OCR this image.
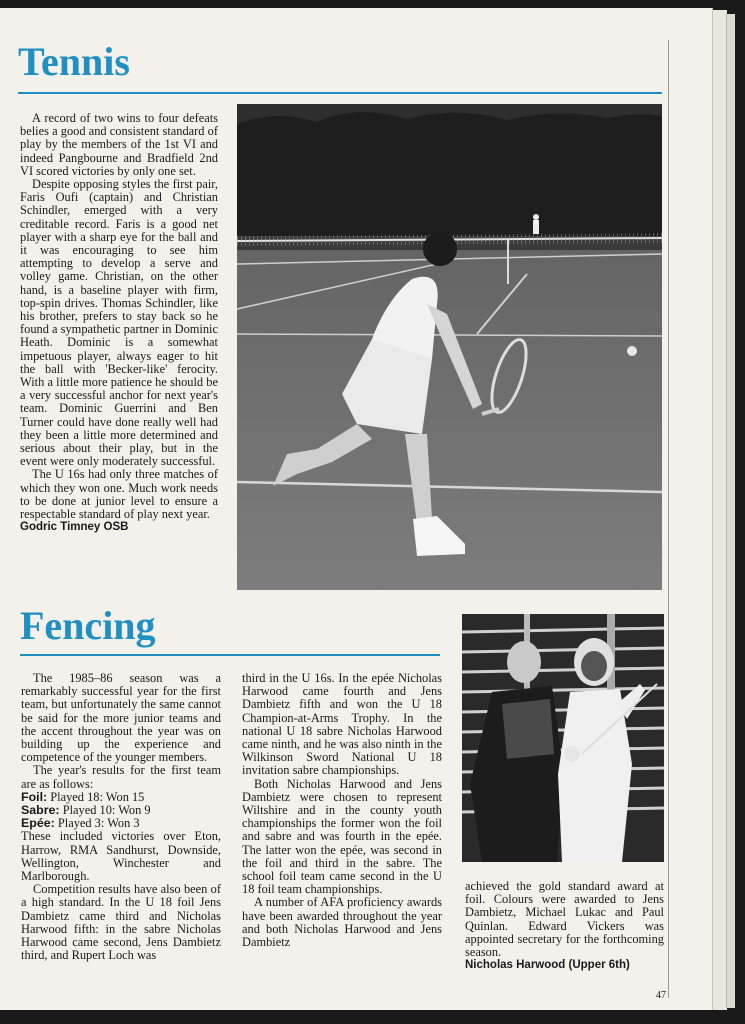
Tennis

A record of two wins to four defeats belies a good and consistent standard of play by the members of the 1st VI and indeed Pangbourne and Bradfield 2nd VI scored victories by only one set.

Despite opposing styles the first pair, Faris Oufi (captain) and Christian Schindler, emerged with a very creditable record. Faris is a good net player with a sharp eye for the ball and it was encouraging to see him attempting to develop a serve and volley game. Christian, on the other hand, is a baseline player with firm, top-spin drives. Thomas Schindler, like his brother, prefers to stay back so he found a sympathetic partner in Dominic Heath. Dominic is a somewhat impetuous player, always eager to hit the ball with 'Becker-like' ferocity. With a little more patience he should be a very successful anchor for next year's team. Dominic Guerrini and Ben Turner could have done really well had they been a little more determined and serious about their play, but in the event were only moderately successful.

The U 16s had only three matches of which they won one. Much work needs to be done at junior level to ensure a respectable standard of play next year.

Godric Timney OSB

Fencing

The 1985–86 season was a remarkably successful year for the first team, but unfortunately the same cannot be said for the more junior teams and the accent throughout the year was on building up the experience and competence of the younger members.

The year's results for the first team are as follows:

Foil: Played 18: Won 15

Sabre: Played 10: Won 9

Epée: Played 3: Won 3

These included victories over Eton, Harrow, RMA Sandhurst, Downside, Wellington, Winchester and Marlborough.

Competition results have also been of a high standard. In the U 18 foil Jens Dambietz came third and Nicholas Harwood fifth: in the sabre Nicholas Harwood came second, Jens Dambietz third, and Rupert Loch was

third in the U 16s. In the epée Nicholas Harwood came fourth and Jens Dambietz fifth and won the U 18 Champion-at-Arms Trophy. In the national U 18 sabre Nicholas Harwood came ninth, and he was also ninth in the Wilkinson Sword National U 18 invitation sabre championships.

Both Nicholas Harwood and Jens Dambietz were chosen to represent Wiltshire and in the county youth championships the former won the foil and sabre and was fourth in the epée. The latter won the epée, was second in the foil and third in the sabre. The school foil team came second in the U 18 foil team championships.

A number of AFA proficiency awards have been awarded throughout the year and both Nicholas Harwood and Jens Dambietz

achieved the gold standard award at foil. Colours were awarded to Jens Dambietz, Michael Lukac and Paul Quinlan. Edward Vickers was appointed secretary for the forthcoming season.

Nicholas Harwood (Upper 6th)

47
